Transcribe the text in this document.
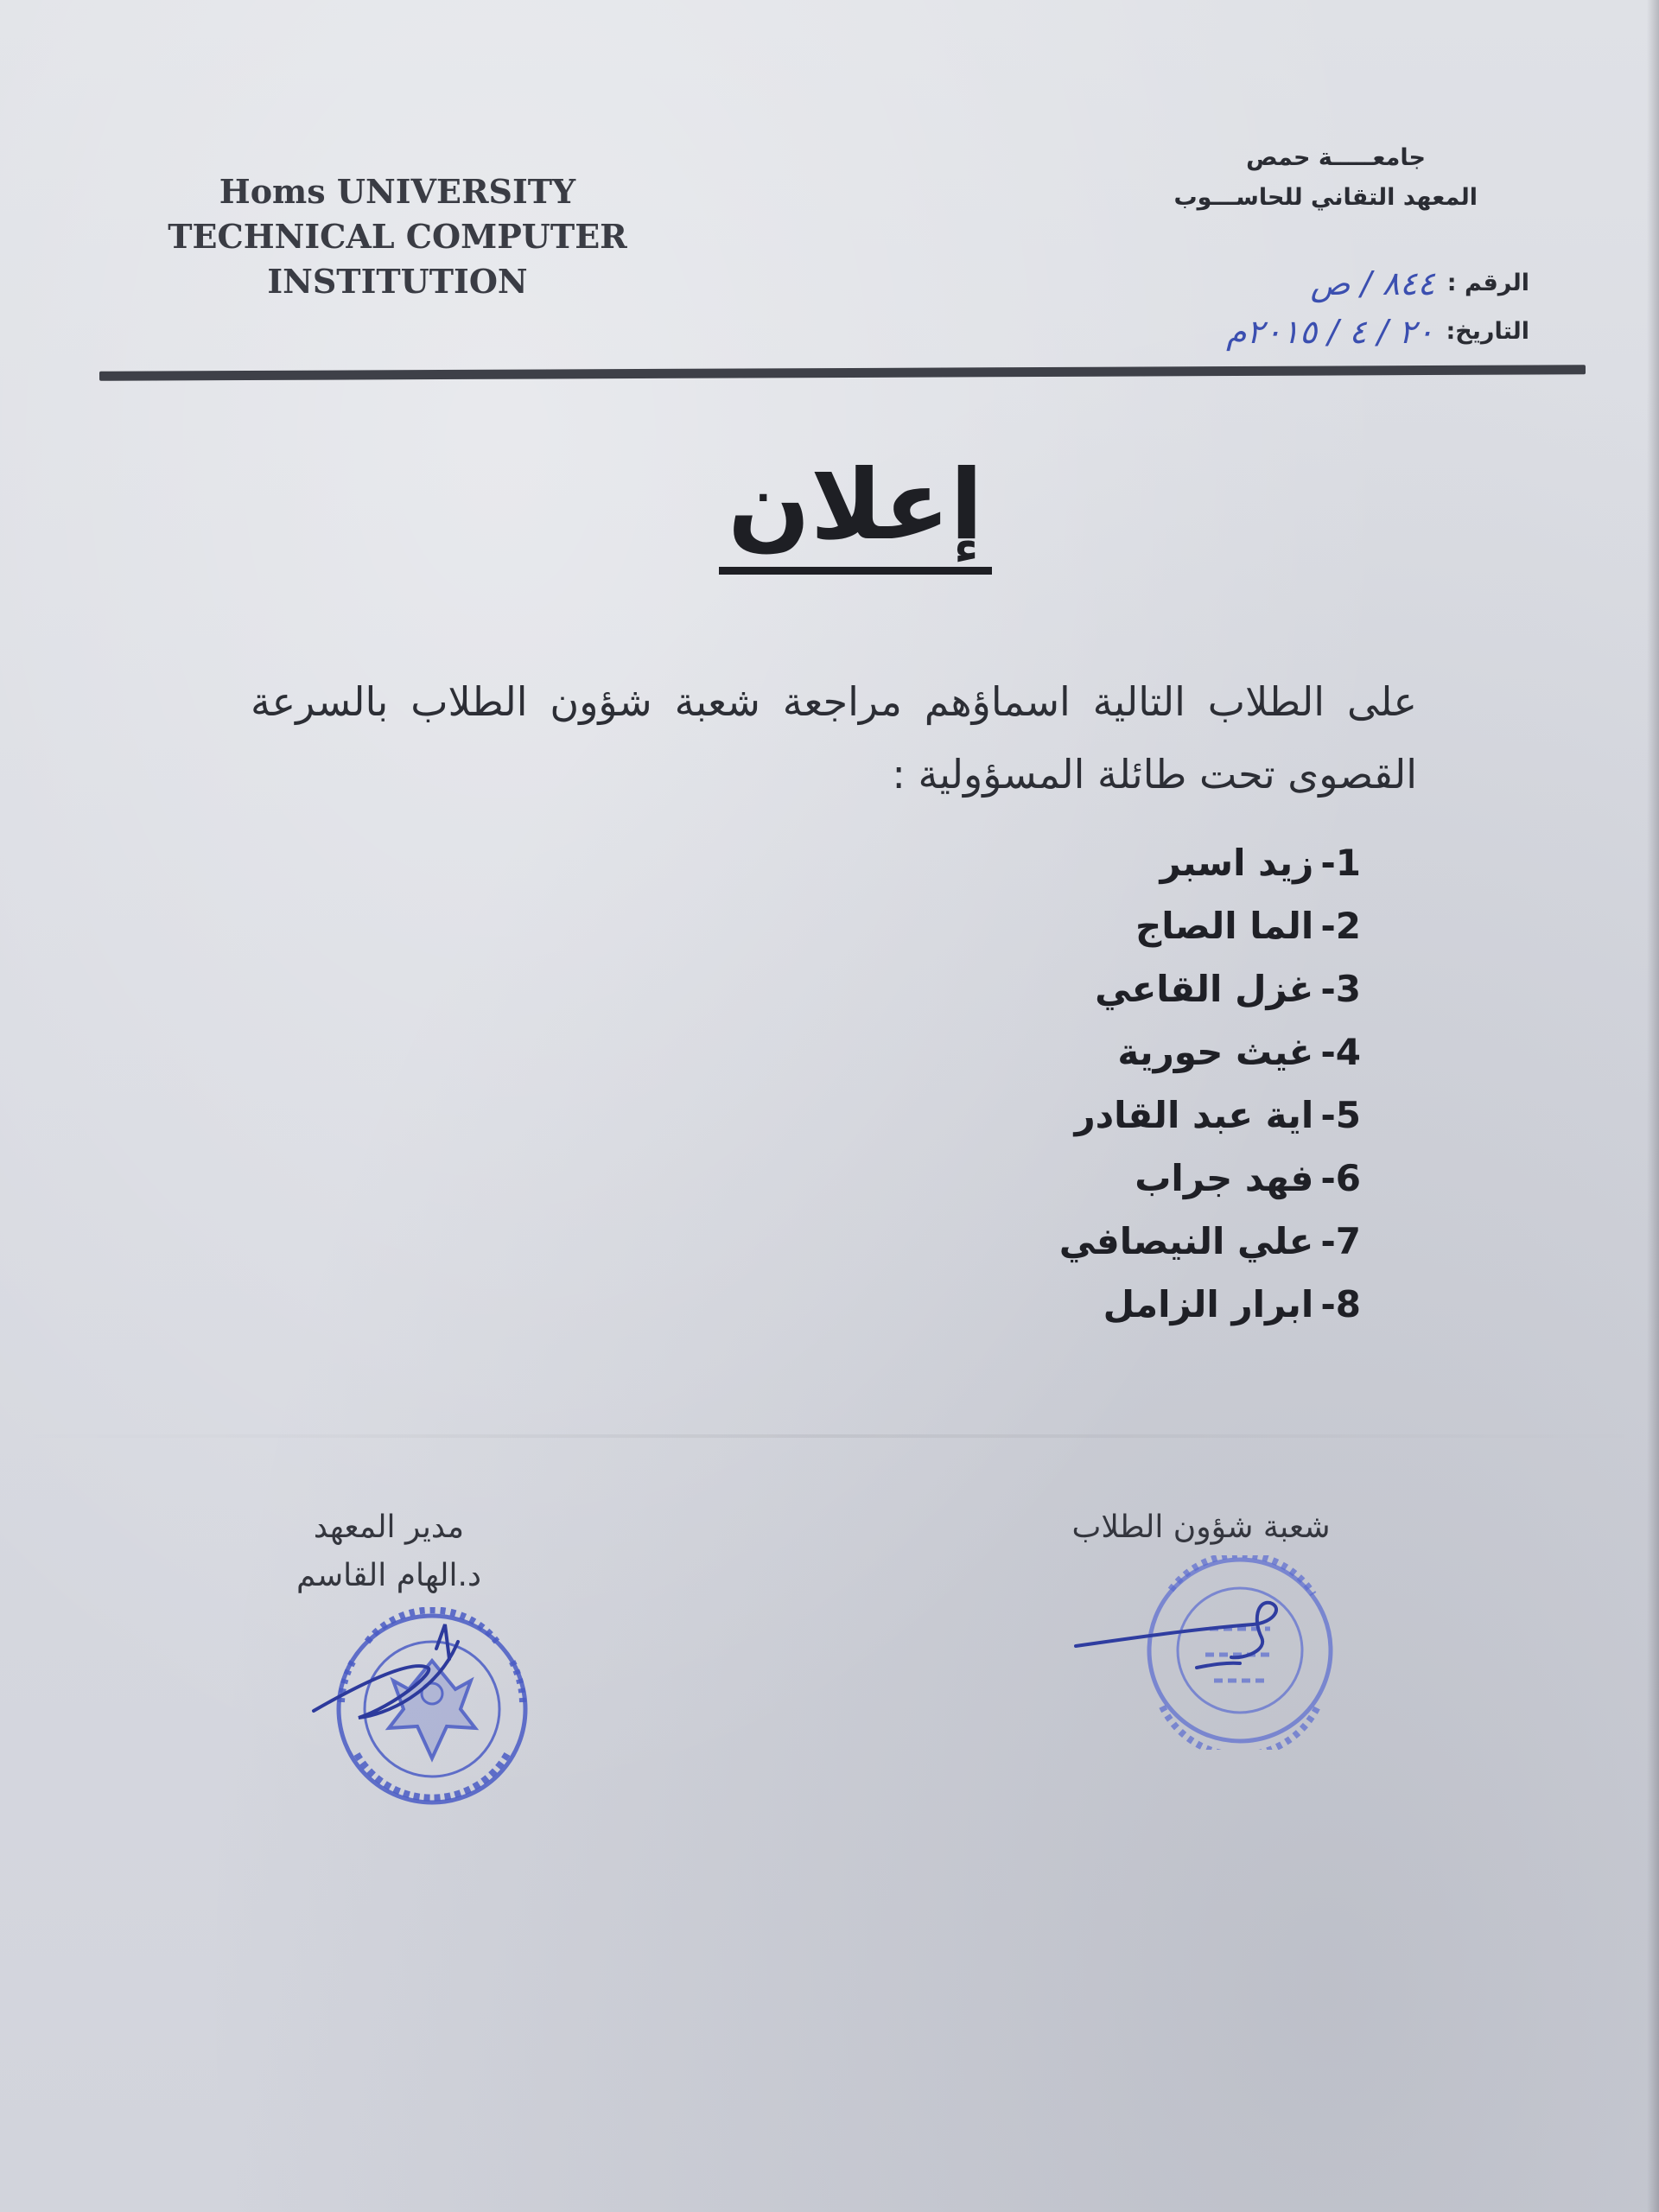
Homs UNIVERSITY
TECHNICAL COMPUTER
INSTITUTION
جامعـــــة حمص
المعهد التقاني للحاســـوب
الرقم :
٨٤٤ / ص
التاريخ:
٢٠ / ٤ / ٢٠١٥م
إعلان
على الطلاب التالية اسماؤهم مراجعة شعبة شؤون الطلاب بالسرعة القصوى تحت طائلة المسؤولية :
1-زيد اسبر
2-الما الصاج
3-غزل القاعي
4-غيث حورية
5-اية عبد القادر
6-فهد جراب
7-علي النيصافي
8-ابرار الزامل
مدير المعهد
د.الهام القاسم
شعبة شؤون الطلاب
